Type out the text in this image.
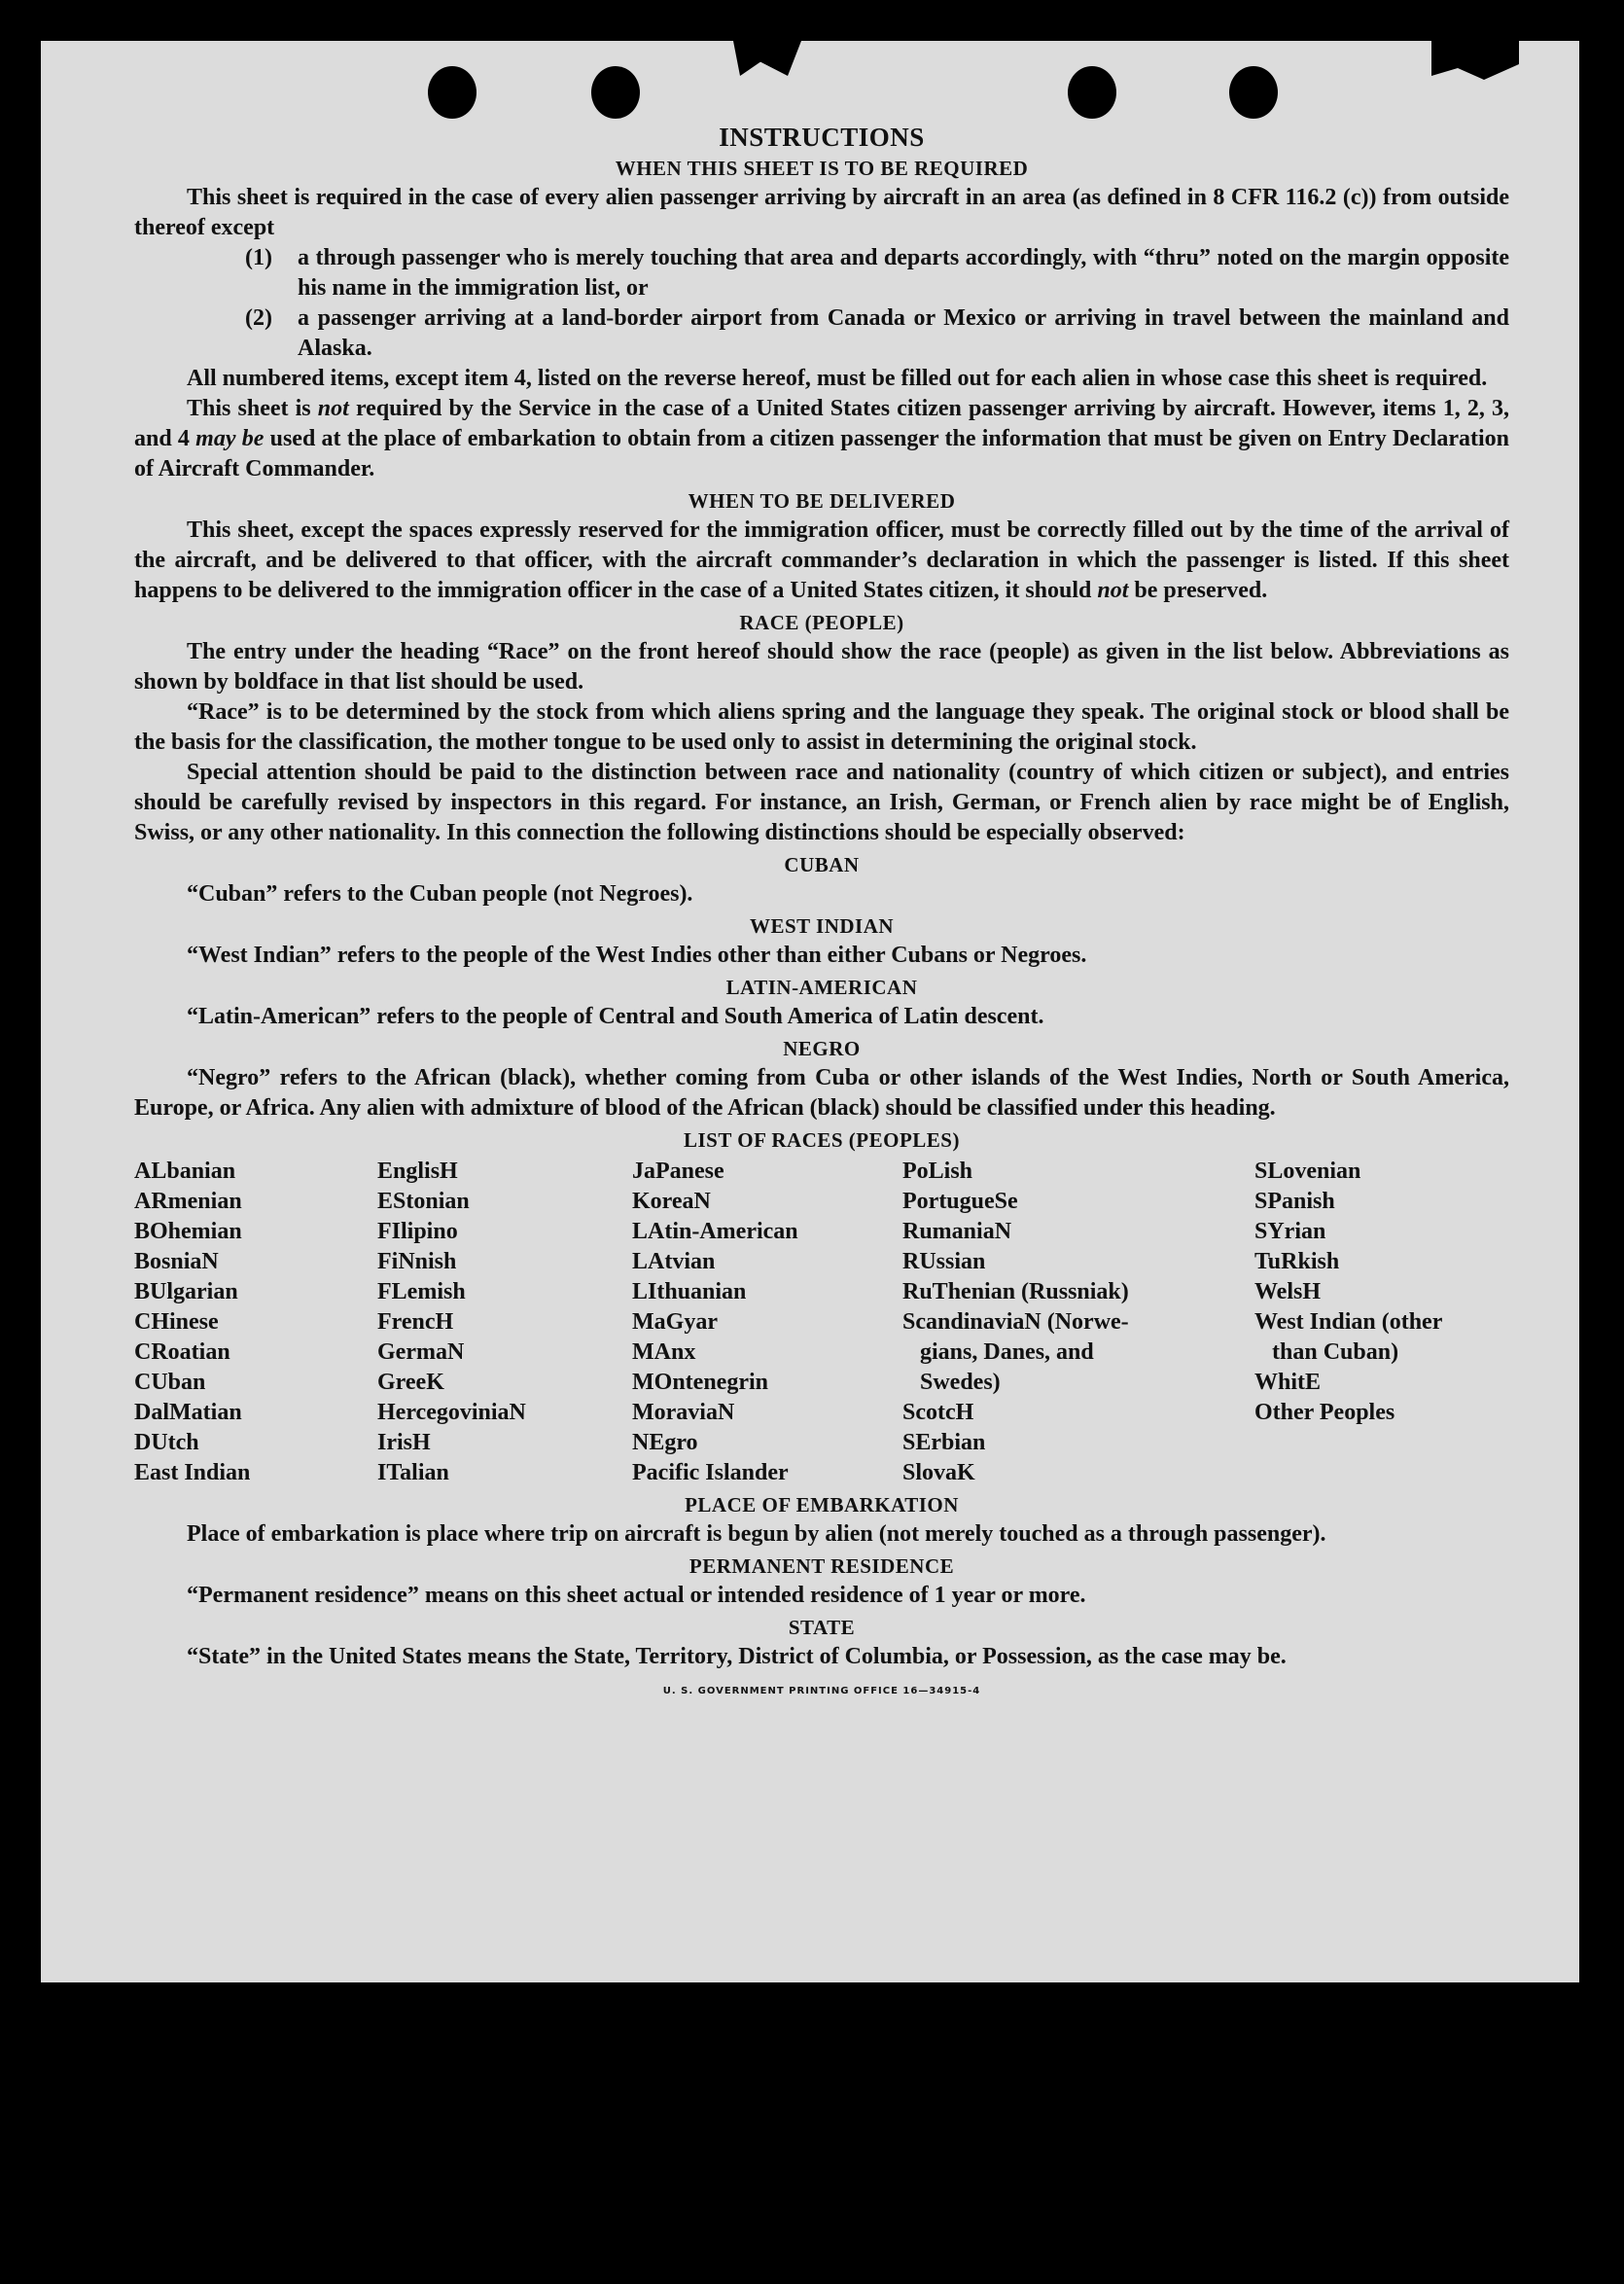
INSTRUCTIONS
WHEN THIS SHEET IS TO BE REQUIRED

This sheet is required in the case of every alien passenger arriving by aircraft in an area (as defined in 8 CFR 116.2 (c)) from outside thereof except

(1)	a through passenger who is merely touching that area and departs accordingly, with “thru” noted on the margin opposite his name in the immigration list, or
(2)	a passenger arriving at a land-border airport from Canada or Mexico or arriving in travel between the mainland and Alaska.

All numbered items, except item 4, listed on the reverse hereof, must be filled out for each alien in whose case this sheet is required.

This sheet is not required by the Service in the case of a United States citizen passenger arriving by aircraft. However, items 1, 2, 3, and 4 may be used at the place of embarkation to obtain from a citizen passenger the information that must be given on Entry Declaration of Aircraft Commander.

WHEN TO BE DELIVERED

This sheet, except the spaces expressly reserved for the immigration officer, must be correctly filled out by the time of the arrival of the aircraft, and be delivered to that officer, with the aircraft commander’s declaration in which the passenger is listed. If this sheet happens to be delivered to the immigration officer in the case of a United States citizen, it should not be preserved.

RACE (PEOPLE)

The entry under the heading “Race” on the front hereof should show the race (people) as given in the list below. Abbreviations as shown by boldface in that list should be used.

“Race” is to be determined by the stock from which aliens spring and the language they speak. The original stock or blood shall be the basis for the classification, the mother tongue to be used only to assist in determining the original stock.

Special attention should be paid to the distinction between race and nationality (country of which citizen or subject), and entries should be carefully revised by inspectors in this regard. For instance, an Irish, German, or French alien by race might be of English, Swiss, or any other nationality. In this connection the following distinctions should be especially observed:

CUBAN

“Cuban” refers to the Cuban people (not Negroes).

WEST INDIAN

“West Indian” refers to the people of the West Indies other than either Cubans or Negroes.

LATIN-AMERICAN

“Latin-American” refers to the people of Central and South America of Latin descent.

NEGRO

“Negro” refers to the African (black), whether coming from Cuba or other islands of the West Indies, North or South America, Europe, or Africa. Any alien with admixture of blood of the African (black) should be classified under this heading.

LIST OF RACES (PEOPLES)
ALbanian
ARmenian
BOhemian
BosniaN
BUlgarian
CHinese
CRoatian
CUban
DalMatian
DUtch
East Indian
EnglisH
EStonian
FIlipino
FiNnish
FLemish
FrencH
GermaN
GreeK
HercegoviniaN
IrisH
ITalian
JaPanese
KoreaN
LAtin-American
LAtvian
LIthuanian
MaGyar
MAnx
MOntenegrin
MoraviaN
NEgro
Pacific Islander
PoLish
PortugueSe
RumaniaN
RUssian
RuThenian (Russniak)
ScandinaviaN (Norwe-
gians, Danes, and
Swedes)
ScotcH
SErbian
SlovaK
SLovenian
SPanish
SYrian
TuRkish
WelsH
West Indian (other
than Cuban)
WhitE
Other Peoples
PLACE OF EMBARKATION

Place of embarkation is place where trip on aircraft is begun by alien (not merely touched as a through passenger).

PERMANENT RESIDENCE

“Permanent residence” means on this sheet actual or intended residence of 1 year or more.

STATE

“State” in the United States means the State, Territory, District of Columbia, or Possession, as the case may be.

U. S. GOVERNMENT PRINTING OFFICE 16—34915-4
